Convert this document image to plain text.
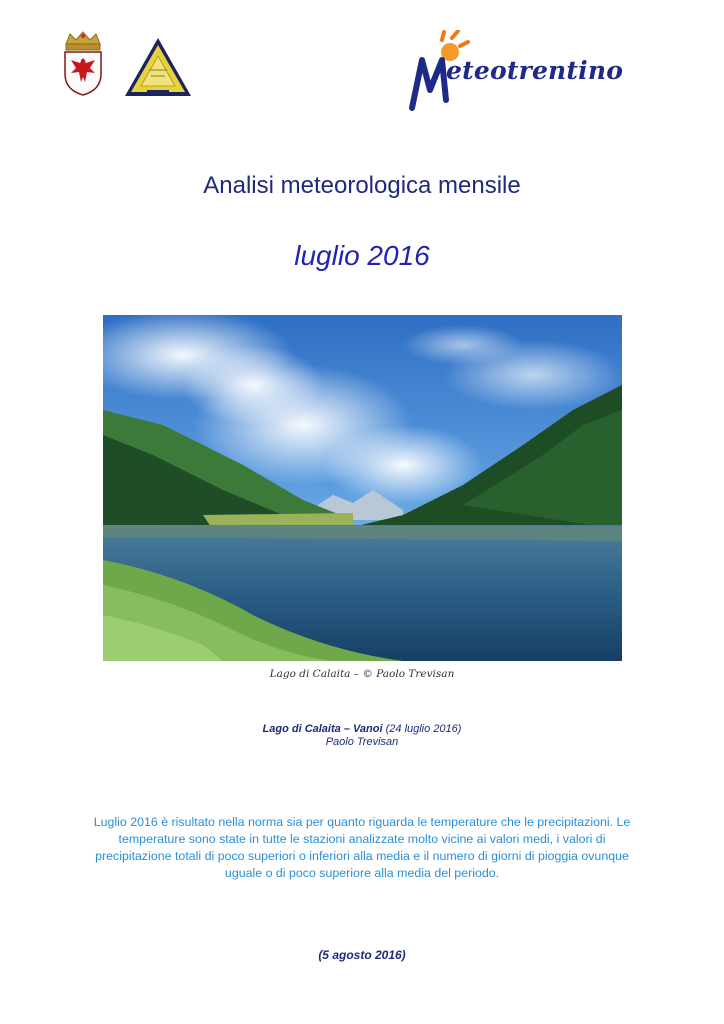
eteotrentino
Analisi meteorologica mensile
luglio 2016
Lago di Calaita – © Paolo Trevisan
Lago di Calaita – Vanoi (24 luglio 2016)
Paolo Trevisan
Luglio 2016 è risultato nella norma sia per quanto riguarda le temperature che le precipitazioni. Le temperature sono state in tutte le stazioni analizzate molto vicine ai valori medi, i valori di precipitazione totali di poco superiori o inferiori alla media e il numero di giorni di pioggia ovunque uguale o di poco superiore alla media del periodo.
(5 agosto 2016)
